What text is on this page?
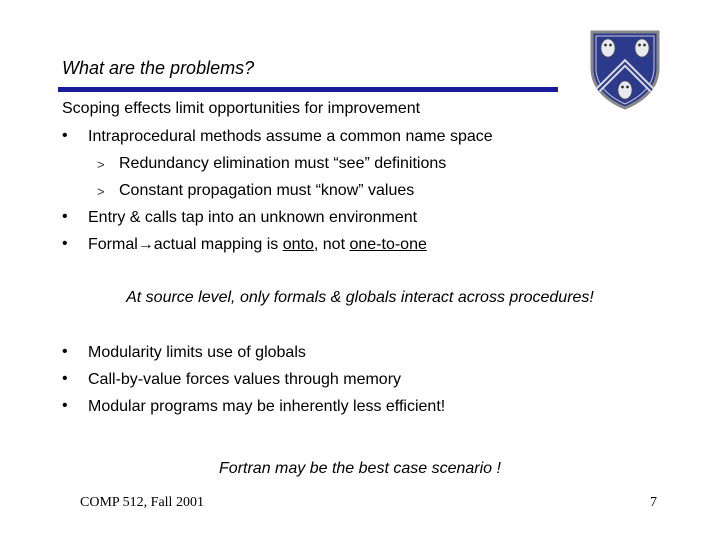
What are the problems?
Scoping effects limit opportunities for improvement
• Intraprocedural methods assume a common name space
> Redundancy elimination must “see” definitions
> Constant propagation must “know” values
• Entry & calls tap into an unknown environment
• Formal→actual mapping is onto, not one-to-one
At source level, only formals & globals interact across procedures!
• Modularity limits use of globals
• Call-by-value forces values through memory
• Modular programs may be inherently less efficient!
Fortran may be the best case scenario !
COMP 512, Fall 2001	7
